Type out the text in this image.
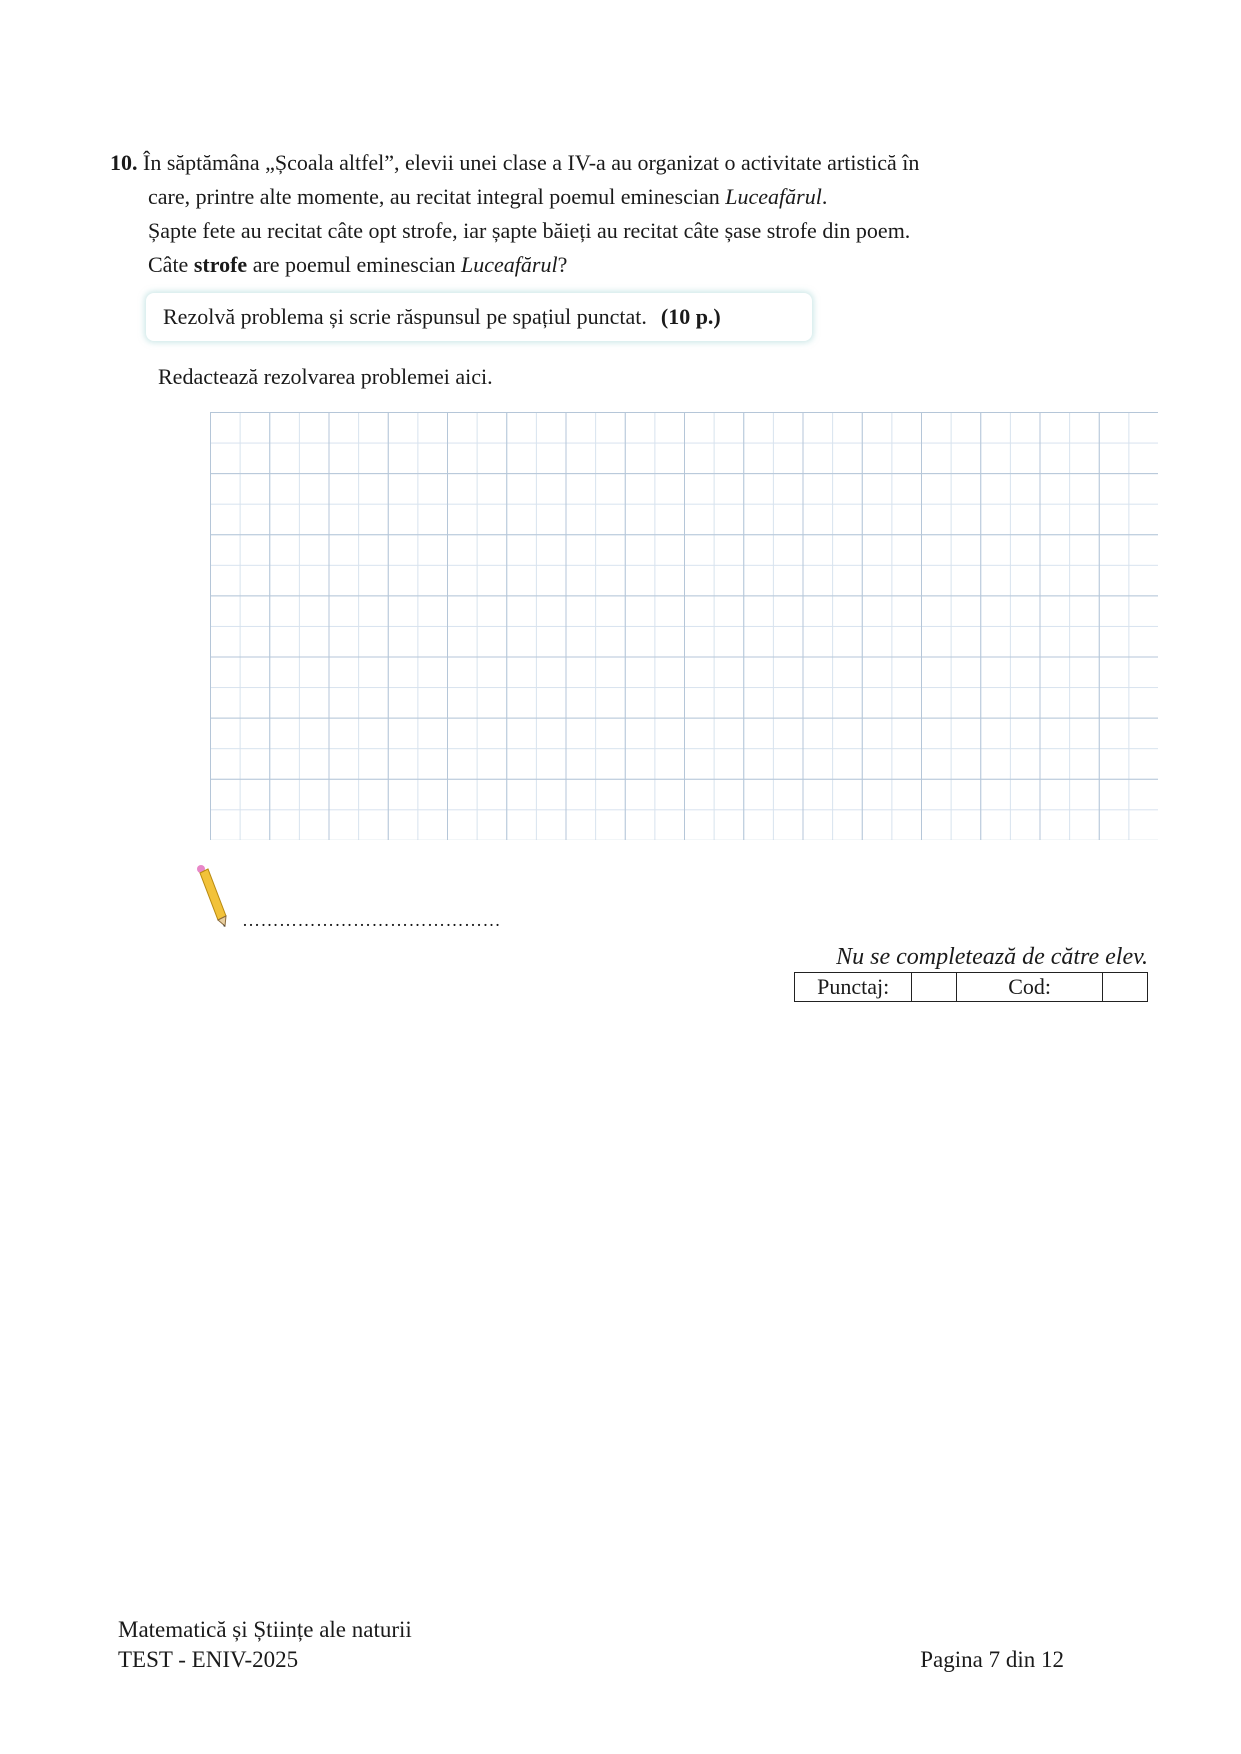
10. În săptămâna „Școala altfel”, elevii unei clase a IV-a au organizat o activitate artistică în
care, printre alte momente, au recitat integral poemul eminescian Luceafărul.
Șapte fete au recitat câte opt strofe, iar șapte băieți au recitat câte șase strofe din poem.
Câte strofe are poemul eminescian Luceafărul?
Rezolvă problema și scrie răspunsul pe spațiul punctat. (10 p.)
Redactează rezolvarea problemei aici.
……………………………………
Nu se completează de către elev.
Punctaj:		Cod:	
Matematică și Științe ale naturii
TEST - ENIV-2025	Pagina 7 din 12
